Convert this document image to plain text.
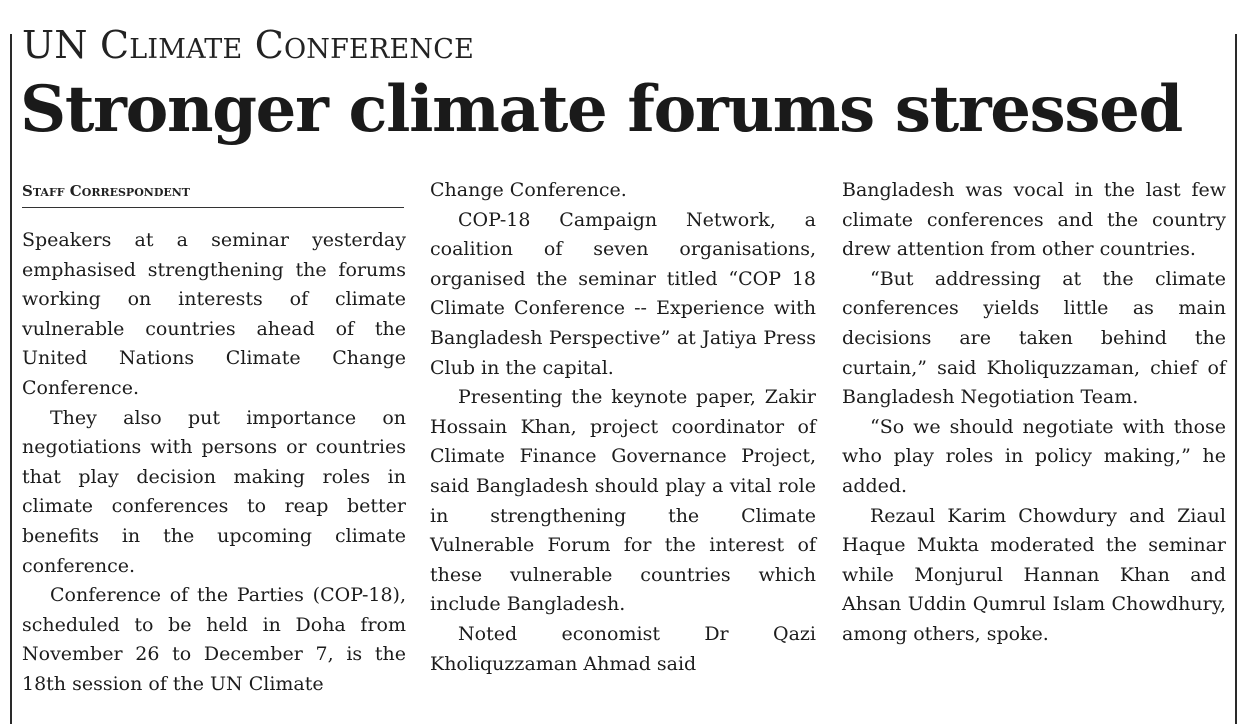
UN Climate Conference
Stronger climate forums stressed
Staff Correspondent

Speakers at a seminar yesterday emphasised strengthening the forums working on interests of climate vulnerable countries ahead of the United Nations Climate Change Conference.

They also put importance on negotiations with persons or countries that play decision making roles in climate conferences to reap better benefits in the upcoming climate conference.

Conference of the Parties (COP-18), scheduled to be held in Doha from November 26 to December 7, is the 18th session of the UN Climate

Change Conference.

COP-18 Campaign Network, a coalition of seven organisations, organised the seminar titled “COP 18 Climate Conference -- Experience with Bangladesh Perspective” at Jatiya Press Club in the capital.

Presenting the keynote paper, Zakir Hossain Khan, project coordinator of Climate Finance Governance Project, said Bangladesh should play a vital role in strengthening the Climate Vulnerable Forum for the interest of these vulnerable countries which include Bangladesh.

Noted economist Dr Qazi Kholiquzzaman Ahmad said

Bangladesh was vocal in the last few climate conferences and the country drew attention from other countries.

“But addressing at the climate conferences yields little as main decisions are taken behind the curtain,” said Kholiquzzaman, chief of Bangladesh Negotiation Team.

“So we should negotiate with those who play roles in policy making,” he added.

Rezaul Karim Chowdury and Ziaul Haque Mukta moderated the seminar while Monjurul Hannan Khan and Ahsan Uddin Qumrul Islam Chowdhury, among others, spoke.
